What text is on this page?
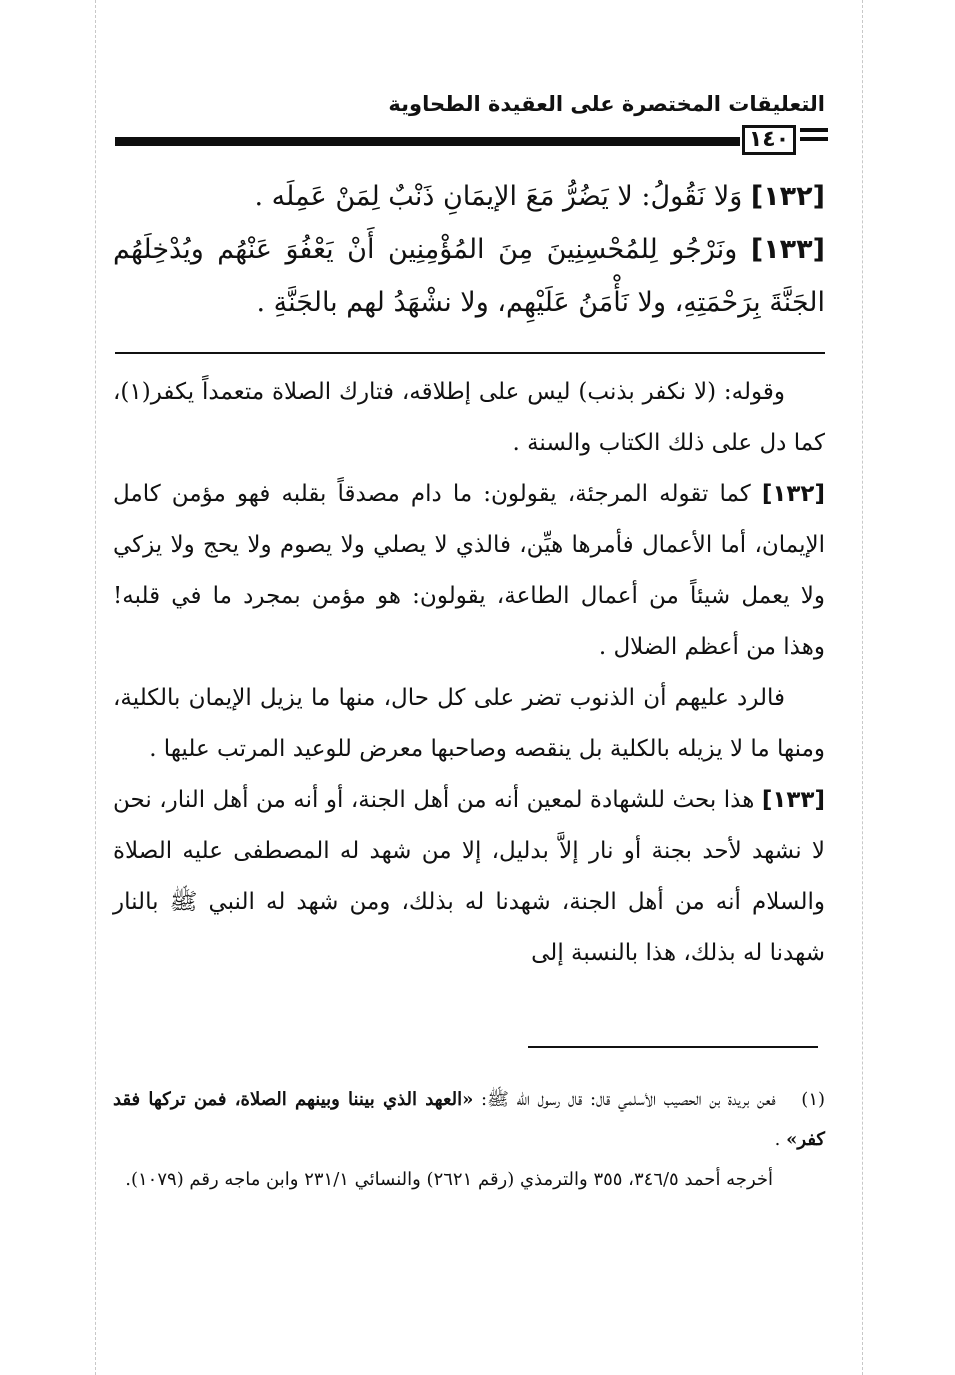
التعليقات المختصرة على العقيدة الطحاوية
١٤٠

[١٣٢] وَلا نَقُولُ: لا يَضُرُّ مَعَ الإيمَانِ ذَنْبٌ لِمَنْ عَمِلَه .

[١٣٣] ونَرْجُو لِلمُحْسِنِينَ مِنَ المُؤْمِنِين أَنْ يَعْفُوَ عَنْهُم ويُدْخِلَهُم الجَنَّةَ بِرَحْمَتِهِ، ولا نَأْمَنُ عَلَيْهِم، ولا نشْهَدُ لهم بالجَنَّةِ .

وقوله: (لا نكفر بذنب) ليس على إطلاقه، فتارك الصلاة متعمداً يكفر(١)، كما دل على ذلك الكتاب والسنة .

[١٣٢] كما تقوله المرجئة، يقولون: ما دام مصدقاً بقلبه فهو مؤمن كامل الإيمان، أما الأعمال فأمرها هيِّن، فالذي لا يصلي ولا يصوم ولا يحج ولا يزكي ولا يعمل شيئاً من أعمال الطاعة، يقولون: هو مؤمن بمجرد ما في قلبه! وهذا من أعظم الضلال .

فالرد عليهم أن الذنوب تضر على كل حال، منها ما يزيل الإيمان بالكلية، ومنها ما لا يزيله بالكلية بل ينقصه وصاحبها معرض للوعيد المرتب عليها .

[١٣٣] هذا بحث للشهادة لمعين أنه من أهل الجنة، أو أنه من أهل النار، نحن لا نشهد لأحد بجنة أو نار إلاَّ بدليل، إلا من شهد له المصطفى عليه الصلاة والسلام أنه من أهل الجنة، شهدنا له بذلك، ومن شهد له النبي ﷺ بالنار شهدنا له بذلك، هذا بالنسبة إلى

(١) فعن بريدة بن الحصيب الأسلمي قال: قال رسول الله ﷺ: «العهد الذي بيننا وبينهم الصلاة، فمن تركها فقد كفر» .

أخرجه أحمد ٣٤٦/٥، ٣٥٥ والترمذي (رقم ٢٦٢١) والنسائي ٢٣١/١ وابن ماجه رقم (١٠٧٩).
